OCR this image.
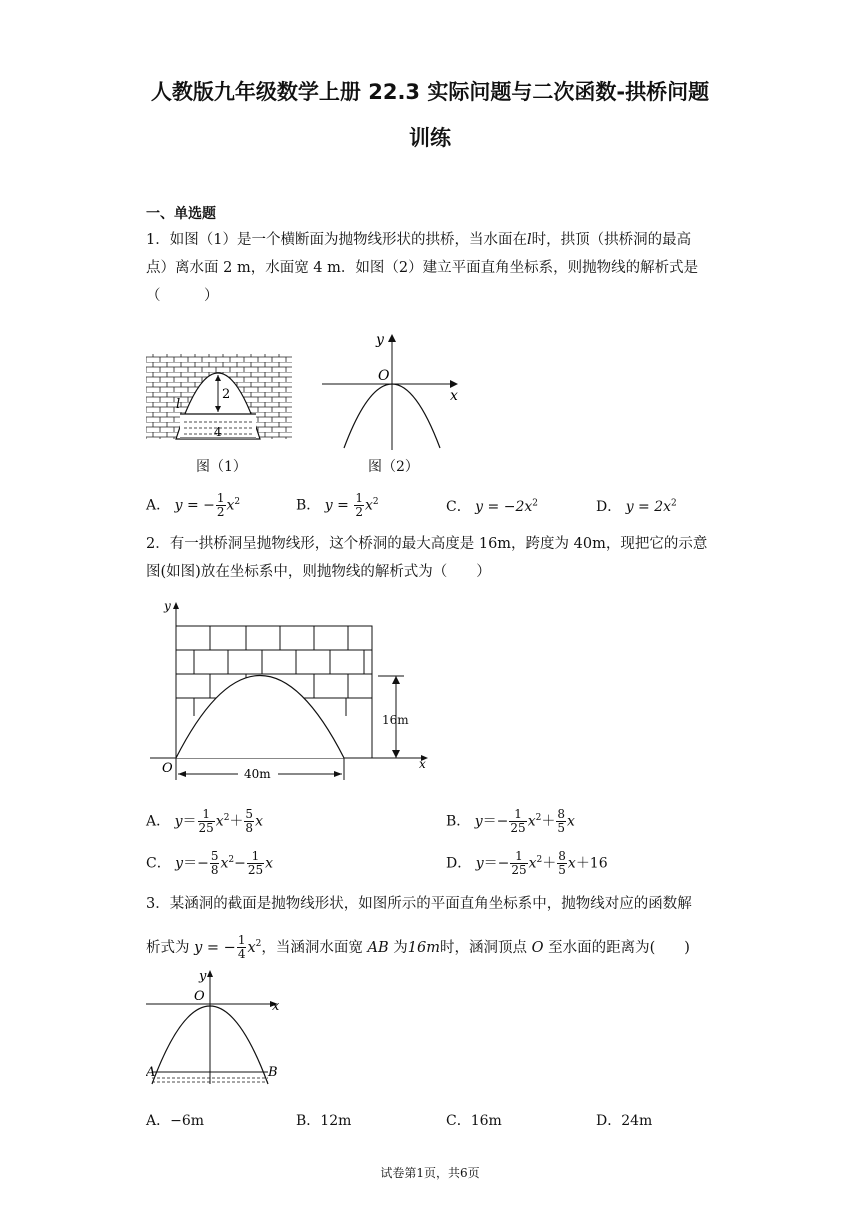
人教版九年级数学上册 22.3 实际问题与二次函数-拱桥问题
训练
一、单选题
1．如图（1）是一个横断面为抛物线形状的拱桥，当水面在l时，拱顶（拱桥洞的最高
点）离水面 2 m，水面宽 4 m．如图（2）建立平面直角坐标系，则抛物线的解析式是
（　　　）
2
l
4
图（1）
y
x
O
图（2）
A． y = − $\frac{1}{2} x^2$	B． $y = \frac{1}{2} x^2$	C． $y = -2x^2$	D． $y = 2x^2$
2．有一拱桥洞呈抛物线形，这个桥洞的最大高度是 16m，跨度为 40m，现把它的示意
图(如图)放在坐标系中，则抛物线的解析式为（　　）
y
x
O
16m
40m
A． $y= \frac{1}{25} x^2+ \frac{5}{8}$ x	B． $y=- \frac{1}{25} x^2+ \frac{8}{5}$ x
C． $y=- \frac{5}{8} x^2- \frac{1}{25}$ x	D． $y=- \frac{1}{25} x^2+ \frac{8}{5} x+16$
3．某涵洞的截面是抛物线形状，如图所示的平面直角坐标系中，抛物线对应的函数解
析式为 y = − $\frac{1}{4} x^2$，当涵洞水面宽 AB 为16m时，涵洞顶点 O 至水面的距离为(　　)
y
x
O
A	B
A．−6m	B．12m	C．16m	D．24m
试卷第1页，共6页
